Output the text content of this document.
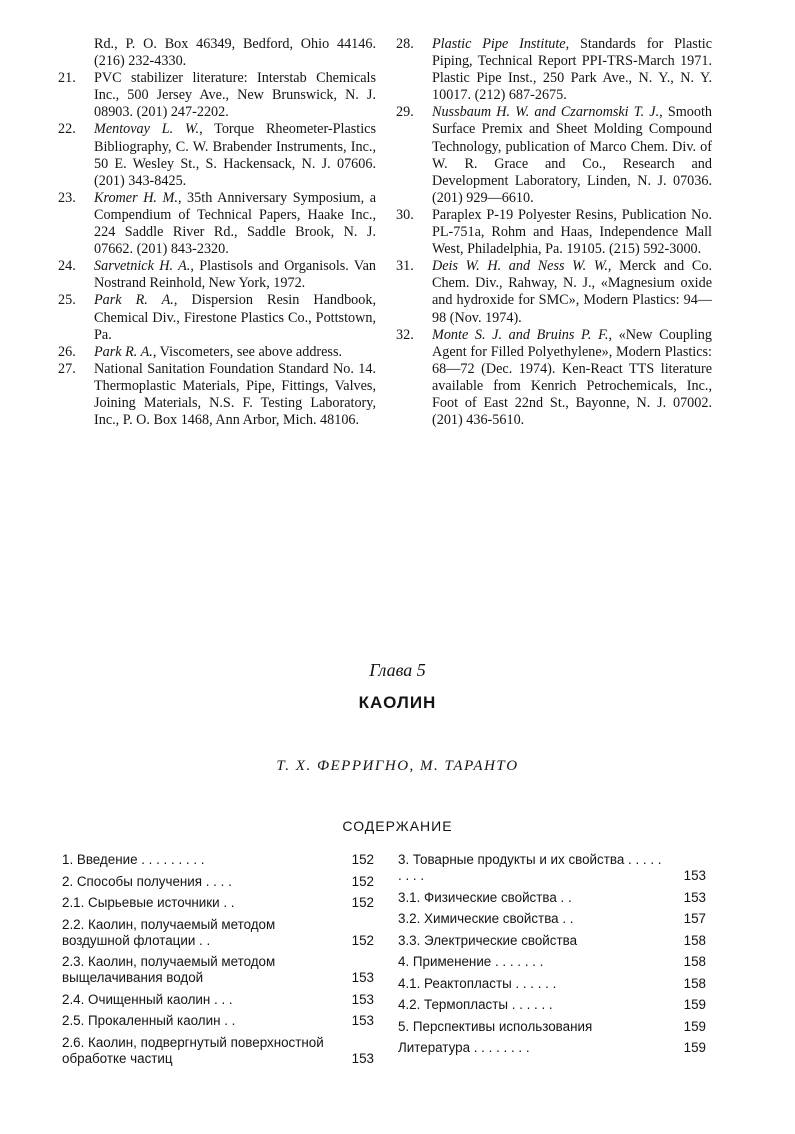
Rd., P. O. Box 46349, Bedford, Ohio 44146. (216) 232-4330.
21.	PVC stabilizer literature: Interstab Chemicals Inc., 500 Jersey Ave., New Brunswick, N. J. 08903. (201) 247-2202.
22.	Mentovay L. W., Torque Rheometer-Plastics Bibliography, C. W. Brabender Instruments, Inc., 50 E. Wesley St., S. Hackensack, N. J. 07606. (201) 343-8425.
23.	Kromer H. M., 35th Anniversary Symposium, a Compendium of Technical Papers, Haake Inc., 224 Saddle River Rd., Saddle Brook, N. J. 07662. (201) 843-2320.
24.	Sarvetnick H. A., Plastisols and Organisols. Van Nostrand Reinhold, New York, 1972.
25.	Park R. A., Dispersion Resin Handbook, Chemical Div., Firestone Plastics Co., Pottstown, Pa.
26.	Park R. A., Viscometers, see above address.
27.	National Sanitation Foundation Standard No. 14. Thermoplastic Materials, Pipe, Fittings, Valves, Joining Materials, N.S. F. Testing Laboratory, Inc., P. O. Box 1468, Ann Arbor, Mich. 48106.
28.	Plastic Pipe Institute, Standards for Plastic Piping, Technical Report PPI-TRS-March 1971. Plastic Pipe Inst., 250 Park Ave., N. Y., N. Y. 10017. (212) 687-2675.
29.	Nussbaum H. W. and Czarnomski T. J., Smooth Surface Premix and Sheet Molding Compound Technology, publication of Marco Chem. Div. of W. R. Grace and Co., Research and Development Laboratory, Linden, N. J. 07036. (201) 929—6610.
30.	Paraplex P-19 Polyester Resins, Publication No. PL-751a, Rohm and Haas, Independence Mall West, Philadelphia, Pa. 19105. (215) 592-3000.
31.	Deis W. H. and Ness W. W., Merck and Co. Chem. Div., Rahway, N. J., «Magnesium oxide and hydroxide for SMC», Modern Plastics: 94—98 (Nov. 1974).
32.	Monte S. J. and Bruins P. F., «New Coupling Agent for Filled Polyethylene», Modern Plastics: 68—72 (Dec. 1974). Ken-React TTS literature available from Kenrich Petrochemicals, Inc., Foot of East 22nd St., Bayonne, N. J. 07002. (201) 436-5610.
Глава 5
КАОЛИН
Т. Х. ФЕРРИГНО, М. ТАРАНТО
СОДЕРЖАНИЕ
1. Введение . . . . . . . . .	152
2. Способы получения . . . .	152
2.1. Сырьевые источники . .	152
2.2. Каолин, получаемый методом воздушной флотации . .	152
2.3. Каолин, получаемый методом выщелачивания водой	153
2.4. Очищенный каолин . . .	153
2.5. Прокаленный каолин . .	153
2.6. Каолин, подвергнутый поверхностной обработке частиц	153
3. Товарные продукты и их свойства . . . . . . . . .	153
3.1. Физические свойства . .	153
3.2. Химические свойства . .	157
3.3. Электрические свойства	158
4. Применение . . . . . . .	158
4.1. Реактопласты . . . . . .	158
4.2. Термопласты . . . . . .	159
5. Перспективы использования	159
Литература . . . . . . . .	159
